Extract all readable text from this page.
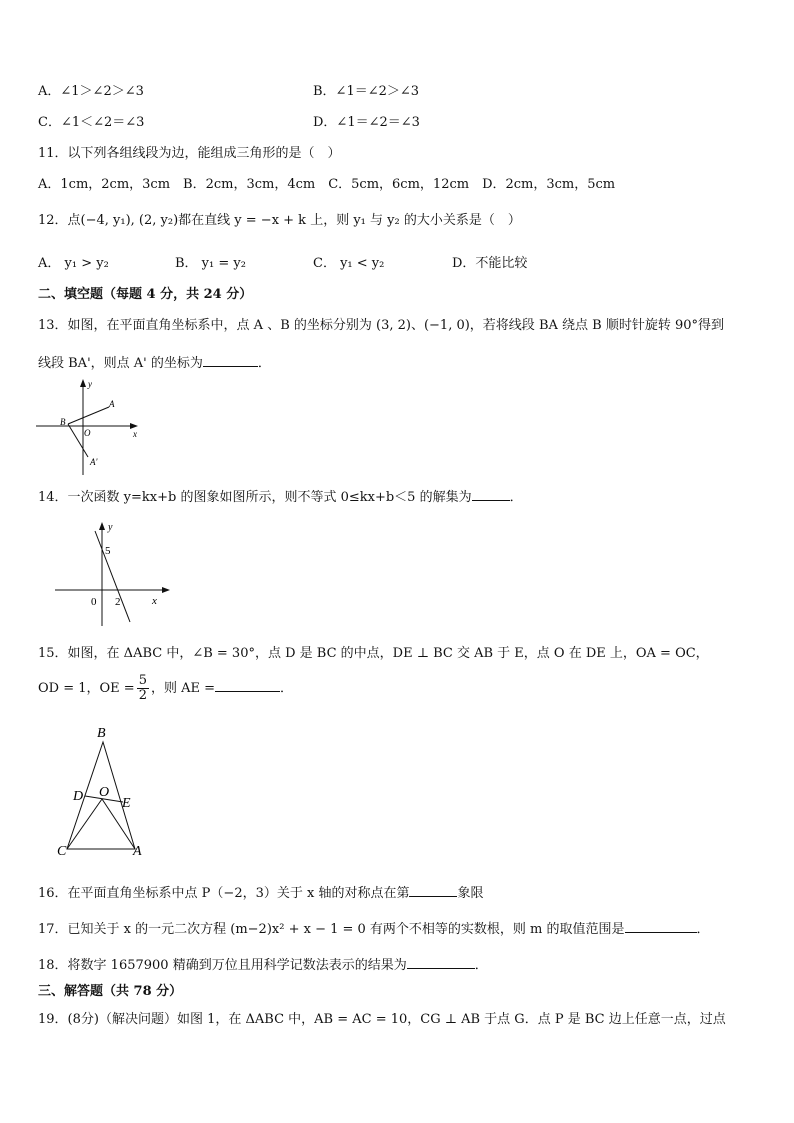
A．∠1＞∠2＞∠3	B．∠1＝∠2＞∠3
C．∠1＜∠2＝∠3	D．∠1＝∠2＝∠3
11．以下列各组线段为边，能组成三角形的是（　）
A．1cm，2cm，3cm　B．2cm，3cm，4cm　C．5cm，6cm，12cm　D．2cm，3cm，5cm
12．点(−4, y₁), (2, y₂)都在直线 y = −x + k 上，则 y₁ 与 y₂ 的大小关系是（　）
A． y₁ > y₂	B． y₁ = y₂	C． y₁ < y₂	D．不能比较
二、填空题（每题 4 分，共 24 分）
13．如图，在平面直角坐标系中，点 A 、B 的坐标分别为 (3, 2)、(−1, 0)，若将线段 BA 绕点 B 顺时针旋转 90°得到
线段 BA'，则点 A' 的坐标为	．
y
x
A
B
O
A'
14．一次函数 y=kx+b 的图象如图所示，则不等式 0≤kx+b＜5 的解集为	．
y
x
5
0 2
15．如图，在 ΔABC 中，∠B = 30°，点 D 是 BC 的中点，DE ⊥ BC 交 AB 于 E，点 O 在 DE 上，OA = OC，
OD = 1，OE = $\frac{5}{2}$ ，则 AE =	．
B
D O
E
C	A
16．在平面直角坐标系中点 P（−2，3）关于 x 轴的对称点在第	象限
17．已知关于 x 的一元二次方程 (m−2)x² + x − 1 = 0 有两个不相等的实数根，则 m 的取值范围是	．
18．将数字 1657900 精确到万位且用科学记数法表示的结果为	．
三、解答题（共 78 分）
19．(8分)（解决问题）如图 1，在 ΔABC 中，AB = AC = 10，CG ⊥ AB 于点 G．点 P 是 BC 边上任意一点，过点
